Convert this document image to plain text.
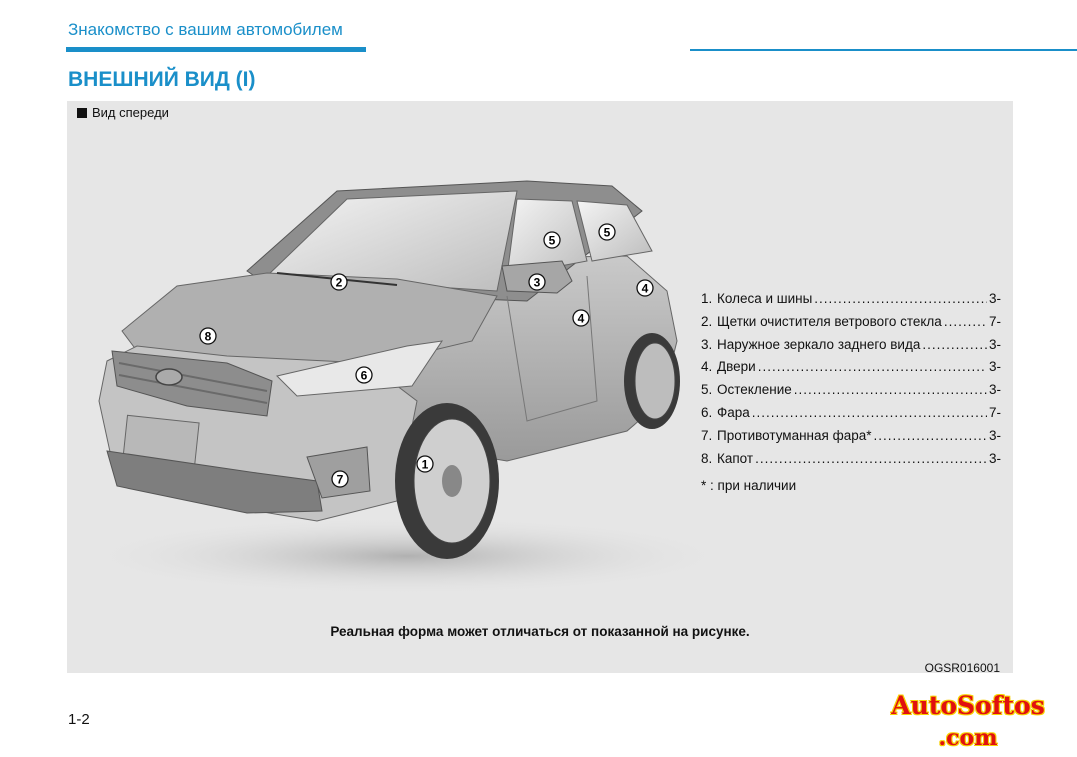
Знакомство с вашим автомобилем
ВНЕШНИЙ ВИД (I)
1
2	3
4
4
5
5
6
7
8
Вид спереди
1. Колеса и шины .....	3-
2. Щетки очистителя ветрового стекла .....	7-
3. Наружное зеркало заднего вида .....	3-
4. Двери .....	3-
5. Остекление .....	3-
6. Фара .....	7-
7. Противотуманная фара* .....	3-
8. Капот .....	3-
* : при наличии
Реальная форма может отличаться от показанной на рисунке.
OGSR016001
1-2	AutoSoftos
.com
